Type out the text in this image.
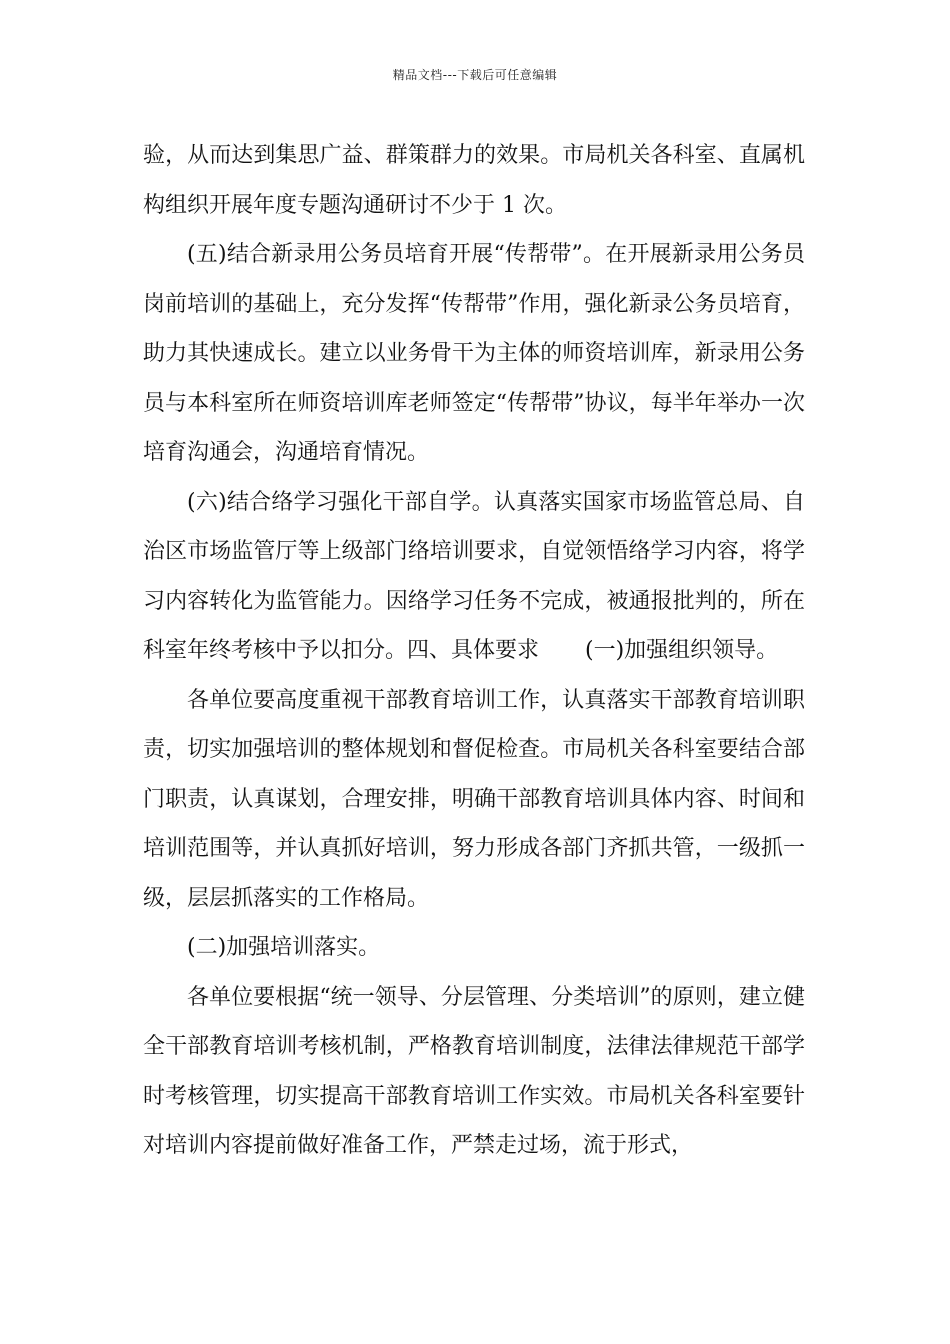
精品文档---下载后可任意编辑

验，从而达到集思广益、群策群力的效果。市局机关各科室、直属机构组织开展年度专题沟通研讨不少于 1 次。

(五)结合新录用公务员培育开展“传帮带”。在开展新录用公务员岗前培训的基础上，充分发挥“传帮带”作用，强化新录公务员培育，助力其快速成长。建立以业务骨干为主体的师资培训库，新录用公务员与本科室所在师资培训库老师签定“传帮带”协议，每半年举办一次培育沟通会，沟通培育情况。

(六)结合络学习强化干部自学。认真落实国家市场监管总局、自治区市场监管厅等上级部门络培训要求，自觉领悟络学习内容，将学习内容转化为监管能力。因络学习任务不完成，被通报批判的，所在科室年终考核中予以扣分。四、具体要求 (一)加强组织领导。

各单位要高度重视干部教育培训工作，认真落实干部教育培训职责，切实加强培训的整体规划和督促检查。市局机关各科室要结合部门职责，认真谋划，合理安排，明确干部教育培训具体内容、时间和培训范围等，并认真抓好培训，努力形成各部门齐抓共管，一级抓一级，层层抓落实的工作格局。

(二)加强培训落实。

各单位要根据“统一领导、分层管理、分类培训”的原则，建立健全干部教育培训考核机制，严格教育培训制度，法律法律规范干部学时考核管理，切实提高干部教育培训工作实效。市局机关各科室要针对培训内容提前做好准备工作，严禁走过场，流于形式，
